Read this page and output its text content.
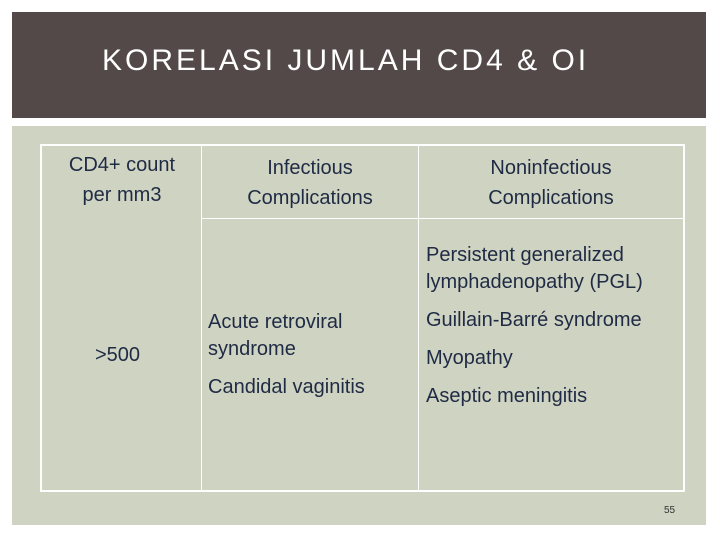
KORELASI JUMLAH CD4 & OI
CD4+ count per mm3
Infectious Complications
Noninfectious Complications
>500
Acute retroviral syndrome
Candidal vaginitis
Persistent generalized lymphadenopathy (PGL)
Guillain-Barré syndrome
Myopathy
Aseptic meningitis
55
